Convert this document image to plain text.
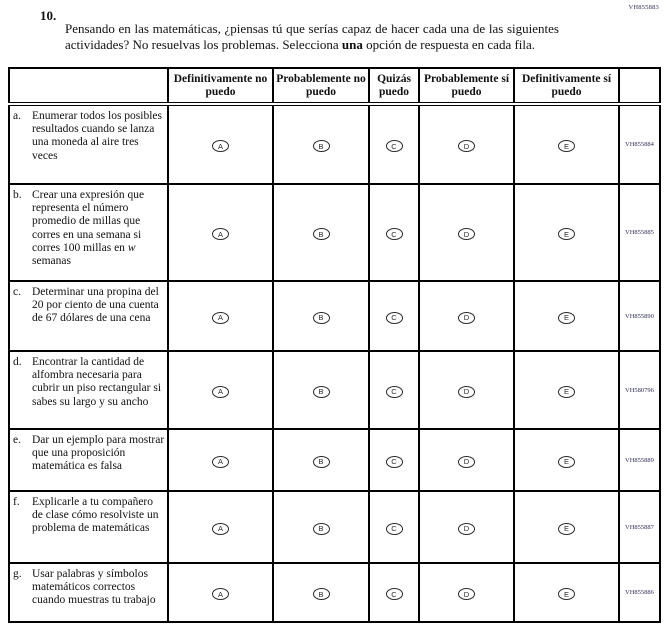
VH855883
10.

Pensando en las matemáticas, ¿piensas tú que serías capaz de hacer cada una de las siguientes actividades? No resuelvas los problemas. Selecciona una opción de respuesta en cada fila.

	Definitivamente no puedo	Probablemente no puedo	Quizás puedo	Probablemente sí puedo	Definitivamente sí puedo	

a. Enumerar todos los posibles resultados cuando se lanza una moneda al aire tres veces	A	B	C	D	E	VH855884

b. Crear una expresión que representa el número promedio de millas que corres en una semana si corres 100 millas en w semanas	A	B	C	D	E	VH855885

c. Determinar una propina del 20 por ciento de una cuenta de 67 dólares de una cena	A	B	C	D	E	VH855890

d. Encontrar la cantidad de alfombra necesaria para cubrir un piso rectangular si sabes su largo y su ancho	A	B	C	D	E	VH580796

e. Dar un ejemplo para mostrar que una proposición matemática es falsa	A	B	C	D	E	VH855889

f. Explicarle a tu compañero de clase cómo resolviste un problema de matemáticas	A	B	C	D	E	VH855887

g. Usar palabras y símbolos matemáticos correctos cuando muestras tu trabajo	A	B	C	D	E	VH855886
